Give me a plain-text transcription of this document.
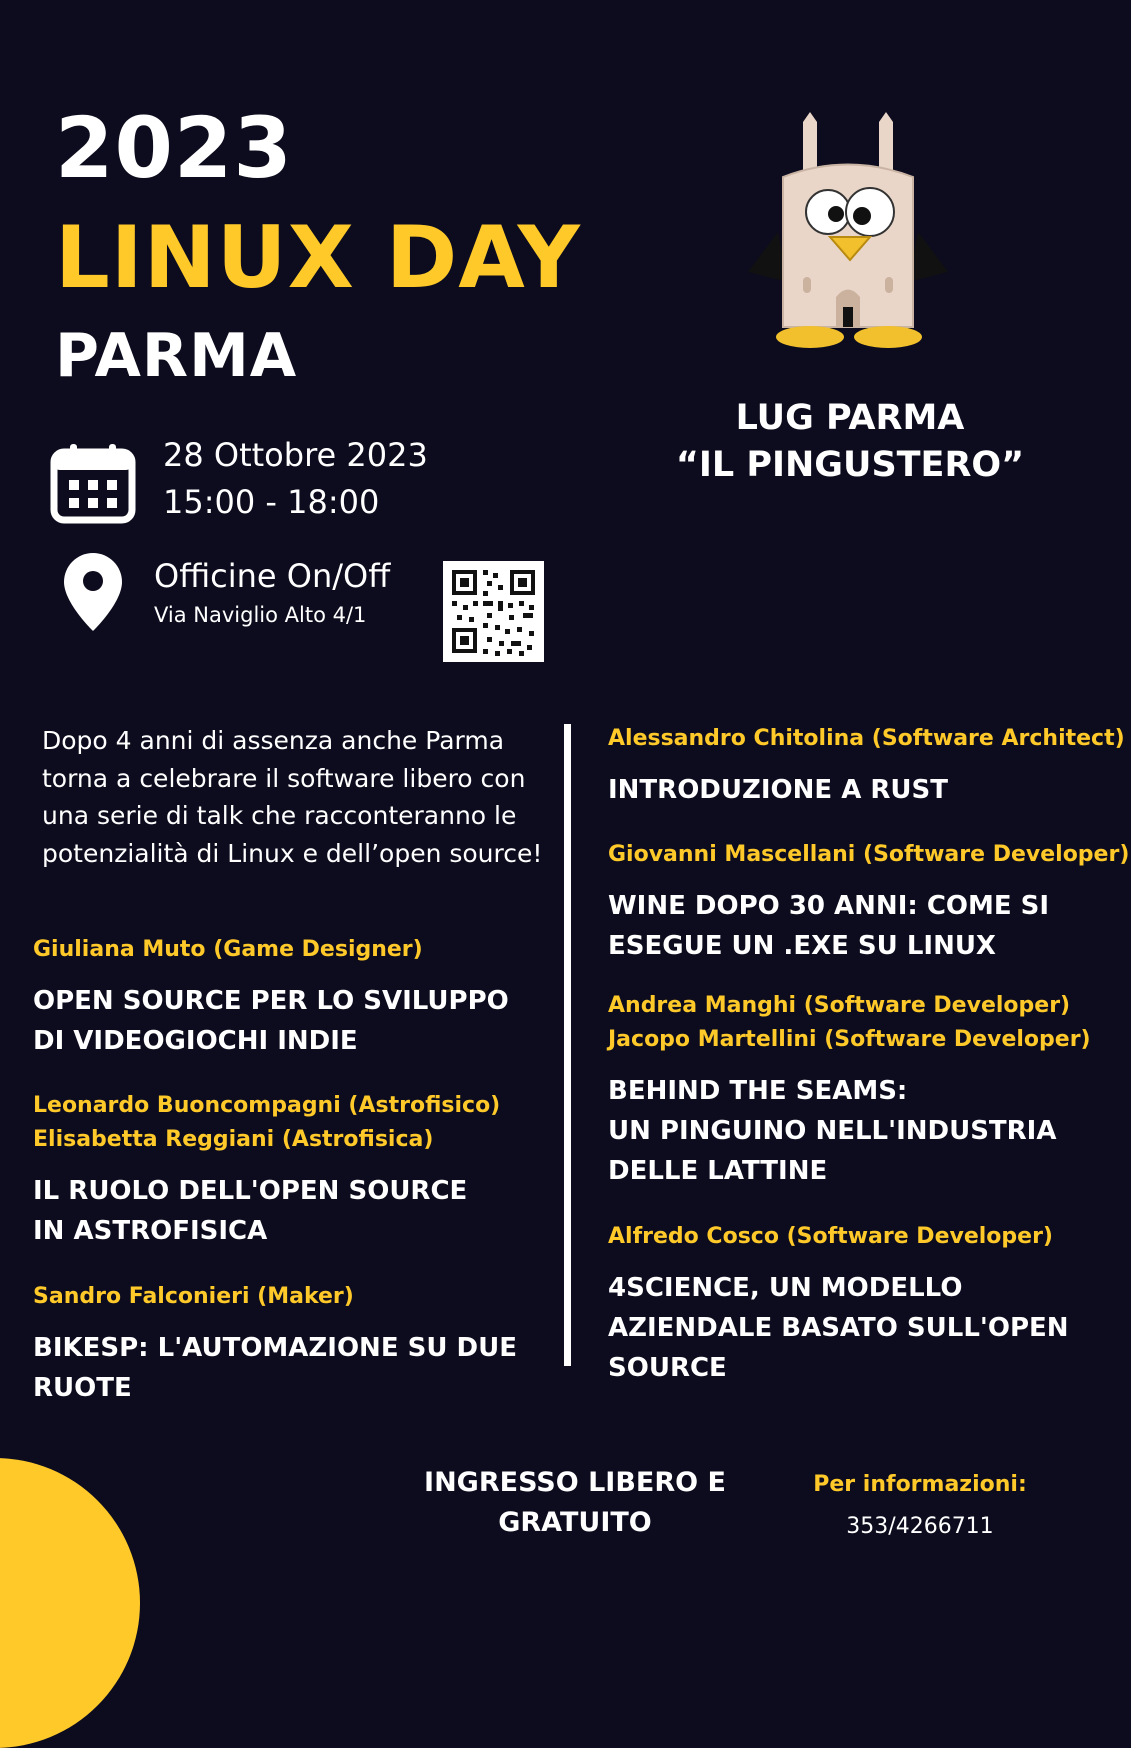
2023
LINUX DAY
PARMA
LUG PARMA
“IL PINGUSTERO”
28 Ottobre 2023
15:00 - 18:00
Officine On/Off
Via Naviglio Alto 4/1
Dopo 4 anni di assenza anche Parma torna a celebrare il software libero con una serie di talk che racconteranno le potenzialità di Linux e dell’open source!
Giuliana Muto (Game Designer)
OPEN SOURCE PER LO SVILUPPO
DI VIDEOGIOCHI INDIE
Leonardo Buoncompagni (Astrofisico)
Elisabetta Reggiani (Astrofisica)
IL RUOLO DELL'OPEN SOURCE
IN ASTROFISICA
Sandro Falconieri (Maker)
BIKESP: L'AUTOMAZIONE SU DUE
RUOTE
Alessandro Chitolina (Software Architect)
INTRODUZIONE A RUST
Giovanni Mascellani (Software Developer)
WINE DOPO 30 ANNI: COME SI
ESEGUE UN .EXE SU LINUX
Andrea Manghi (Software Developer)
Jacopo Martellini (Software Developer)
BEHIND THE SEAMS:
UN PINGUINO NELL'INDUSTRIA
DELLE LATTINE
Alfredo Cosco (Software Developer)
4SCIENCE, UN MODELLO
AZIENDALE BASATO SULL'OPEN
SOURCE
INGRESSO LIBERO E
GRATUITO
Per informazioni:
353/4266711
